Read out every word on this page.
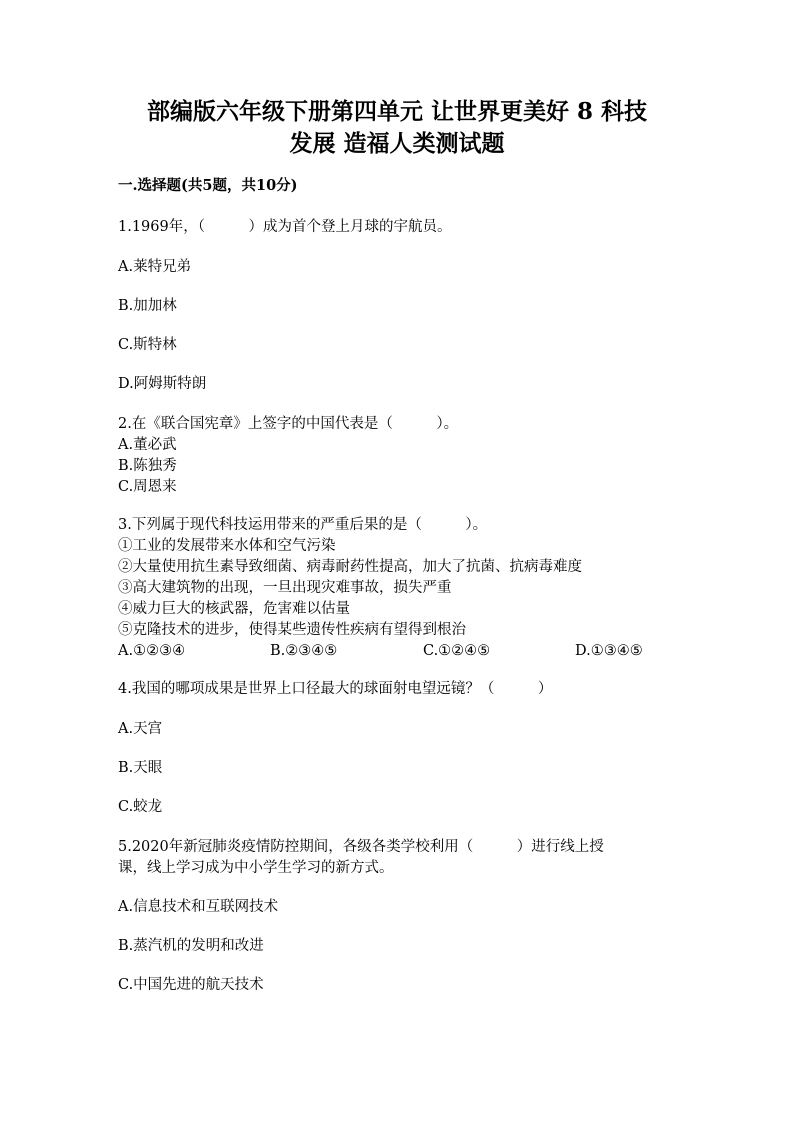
部编版六年级下册第四单元 让世界更美好 8 科技
发展 造福人类测试题
一.选择题(共5题，共10分)
1.1969年，（　　　）成为首个登上月球的宇航员。
A.莱特兄弟
B.加加林
C.斯特林
D.阿姆斯特朗
2.在《联合国宪章》上签字的中国代表是（　　　）。
A.董必武
B.陈独秀
C.周恩来
3.下列属于现代科技运用带来的严重后果的是（　　　）。
①工业的发展带来水体和空气污染
②大量使用抗生素导致细菌、病毒耐药性提高，加大了抗菌、抗病毒难度
③高大建筑物的出现，一旦出现灾难事故，损失严重
④威力巨大的核武器，危害难以估量
⑤克隆技术的进步，使得某些遗传性疾病有望得到根治
A.①②③④	B.②③④⑤	C.①②④⑤	D.①③④⑤
4.我国的哪项成果是世界上口径最大的球面射电望远镜？（　　　）
A.天宫
B.天眼
C.蛟龙
5.2020年新冠肺炎疫情防控期间，各级各类学校利用（　　　）进行线上授
课，线上学习成为中小学生学习的新方式。
A.信息技术和互联网技术
B.蒸汽机的发明和改进
C.中国先进的航天技术
